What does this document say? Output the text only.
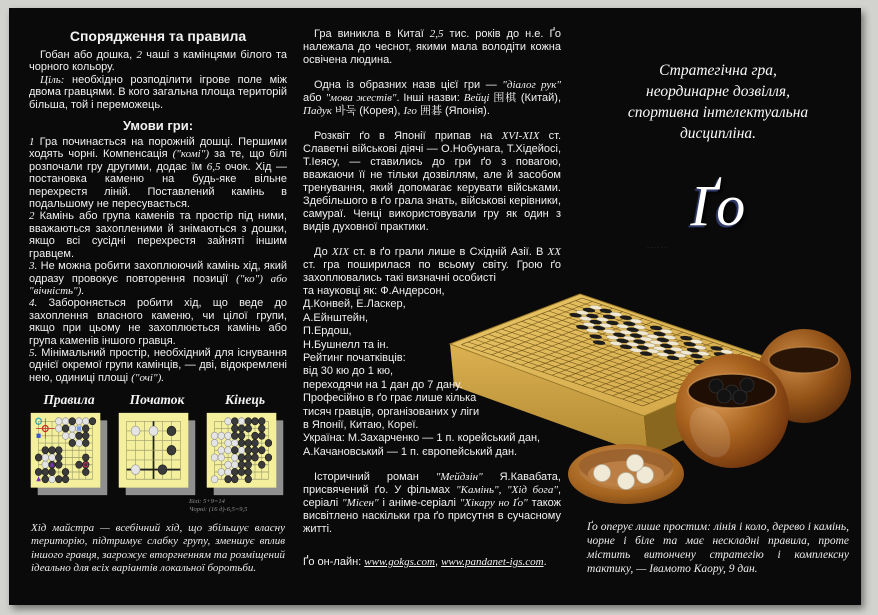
Спорядження та правила

Гобан або дошка, 2 чаші з камінцями білого та чорного кольору.

Ціль: необхідно розподілити ігрове поле між двома гравцями. В кого загальна площа територій більша, той і переможець.

Умови гри:

1 Гра починається на порожній дошці. Першими ходять чорні. Компенсація ("комі") за те, що білі розпочали гру другими, додає їм 6,5 очок. Хід — постановка каменю на будь-яке вільне перехрестя ліній. Поставлений камінь в подальшому не пересувається.

2 Камінь або група каменів та простір під ними, вважаються захопленими й знімаються з дошки, якщо всі сусідні перехрестя зайняті іншим гравцем.

3. Не можна робити захоплюючий камінь хід, який одразу провокує повторення позиції ("ко") або "вічність").

4. Забороняється робити хід, що веде до захоплення власного каменю, чи цілої групи, якщо при цьому не захоплюється камінь або група каменів іншого гравця.

5. Мінімальний простір, необхідний для існування однієї окремої групи камінців, — дві, відокремлені нею, одиниці площі ("очі").

Правила	Початок	Кінець
Білі: 5+9=14
Чорні: (16 д)-6,5=9,5

Хід майстра — всебічний хід, що збільшує власну територію, підтримує слабку групу, зменшує вплив іншого гравця, загрожує вторгненням та розміщений ідеально для всіх варіантів локальної боротьби.

Гра виникла в Китаї 2,5 тис. років до н.е. Ґо належала до чеснот, якими мала володіти кожна освічена людина.

Одна із образних назв цієї гри — "діалог рук" або "мова жестів". Інші назви: Вейці 围棋 (Китай), Падук 바둑 (Корея), Іго 囲碁 (Японія).

Розквіт ґо в Японії припав на XVI-XIX ст. Славетні військові діячі — О.Нобунага, Т.Хідейосі, Т.Іеясу, — ставились до гри ґо з повагою, вважаючи її не тільки дозвіллям, але й засобом тренування, який допомагає керувати військами. Здебільшого в ґо грала знать, військові керівники, самураї. Ченці використовували гру як один з видів духовної практики.

До XIX ст. в ґо грали лише в Східній Азії. В XX ст. гра поширилася по всьому світу. Грою ґо захоплювались такі визначні особисті

та науковці як: Ф.Андерсон,
Д.Конвей, Е.Ласкер,
А.Ейнштейн,
П.Ердош,
Н.Бушнелл та ін.
Рейтинг початківців:
від 30 кю до 1 кю,
переходячи на 1 дан до 7 дану.
Професійно в ґо грає лише кілька
тисяч гравців, організованих у ліги
в Японії, Китаю, Кореї.
Україна: М.Захарченко — 1 п. корейський дан,
А.Качановський — 1 п. європейський дан.

Історичний роман "Мейдзін" Я.Кавабата, присвячений ґо. У фільмах "Камінь", "Хід бога", серіалі "Місен" і аніме-серіалі "Хікару но Ґо" також висвітлено наскільки гра ґо присутня в сучасному житті.

Ґо он-лайн: www.gokgs.com, www.pandanet-igs.com.

Стратегічна гра,
неординарне дозвілля,
спортивна інтелектуальна
дисципліна.
Ґо
······

Ґо оперує лише простим: лінія і коло, дерево і камінь, чорне і біле та має нескладні правила, проте містить витончену стратегію і комплексну тактику, — Івамото Каору, 9 дан.
